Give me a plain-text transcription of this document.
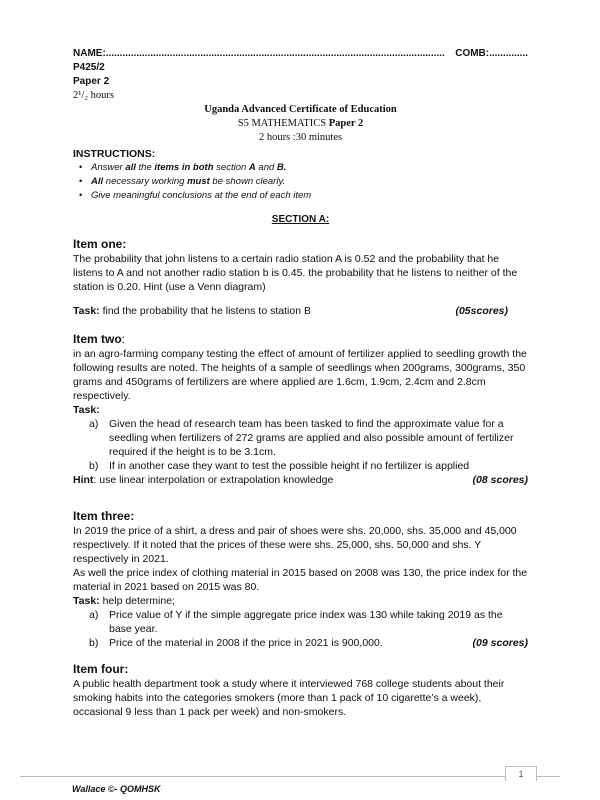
NAME:.......................................................................................................................... COMB:..............
P425/2
Paper 2
2¹/₂ hours
Uganda Advanced Certificate of Education
S5 MATHEMATICS Paper 2
2 hours :30 minutes
INSTRUCTIONS:
• Answer all the items in both section A and B.
• All necessary working must be shown clearly.
• Give meaningful conclusions at the end of each item
SECTION A:
Item one:

The probability that john listens to a certain radio station A is 0.52 and the probability that he listens to A and not another radio station b is 0.45. the probability that he listens to neither of the station is 0.20. Hint (use a Venn diagram)

Task: find the probability that he listens to station B	(05scores)
Item two:

in an agro-farming company testing the effect of amount of fertilizer applied to seedling growth the following results are noted. The heights of a sample of seedlings when 200grams, 300grams, 350 grams and 450grams of fertilizers are where applied are 1.6cm, 1.9cm, 2.4cm and 2.8cm respectively.

Task:
a)	Given the head of research team has been tasked to find the approximate value for a seedling when fertilizers of 272 grams are applied and also possible amount of fertilizer required if the height is to be 3.1cm.
b)	If in another case they want to test the possible height if no fertilizer is applied
Hint: use linear interpolation or extrapolation knowledge	(08 scores)
Item three:

In 2019 the price of a shirt, a dress and pair of shoes were shs. 20,000, shs. 35,000 and 45,000 respectively. If it noted that the prices of these were shs. 25,000, shs. 50,000 and shs. Y respectively in 2021.

As well the price index of clothing material in 2015 based on 2008 was 130, the price index for the material in 2021 based on 2015 was 80.

Task: help determine;
a)	Price value of Y if the simple aggregate price index was 130 while taking 2019 as the base year.
b)	Price of the material in 2008 if the price in 2021 is 900,000.	(09 scores)
Item four:

A public health department took a study where it interviewed 768 college students about their smoking habits into the categories smokers (more than 1 pack of 10 cigarette’s a week), occasional 9 less than 1 pack per week) and non-smokers.

1
Wallace ©- QOMHSK
